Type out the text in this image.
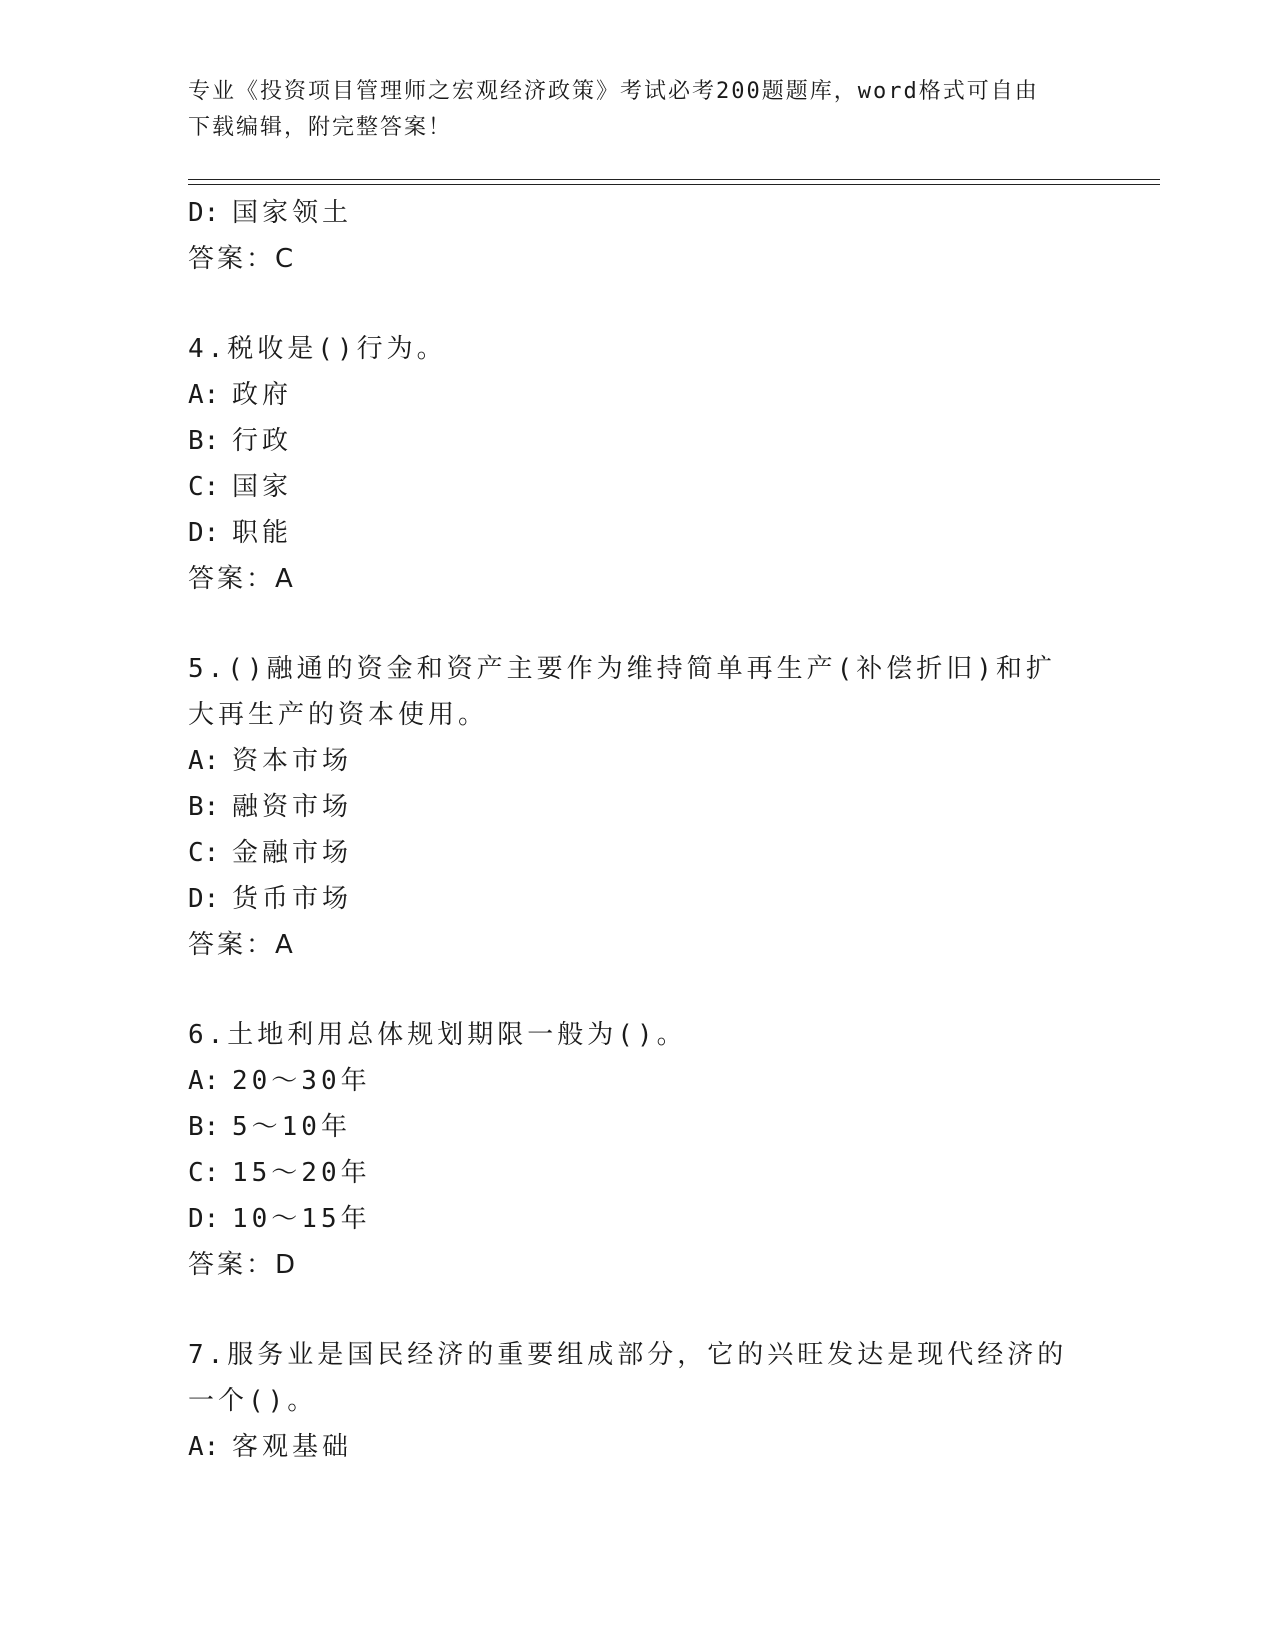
专业《投资项目管理师之宏观经济政策》考试必考200题题库，word格式可自由
下载编辑，附完整答案！
D: 国家领土
答案：C
4.税收是()行为。
A: 政府
B: 行政
C: 国家
D: 职能
答案：A
5.()融通的资金和资产主要作为维持简单再生产(补偿折旧)和扩大再生产的资本使用。
A: 资本市场
B: 融资市场
C: 金融市场
D: 货币市场
答案：A
6.土地利用总体规划期限一般为()。
A: 20～30年
B: 5～10年
C: 15～20年
D: 10～15年
答案：D
7.服务业是国民经济的重要组成部分，它的兴旺发达是现代经济的一个()。
A: 客观基础
